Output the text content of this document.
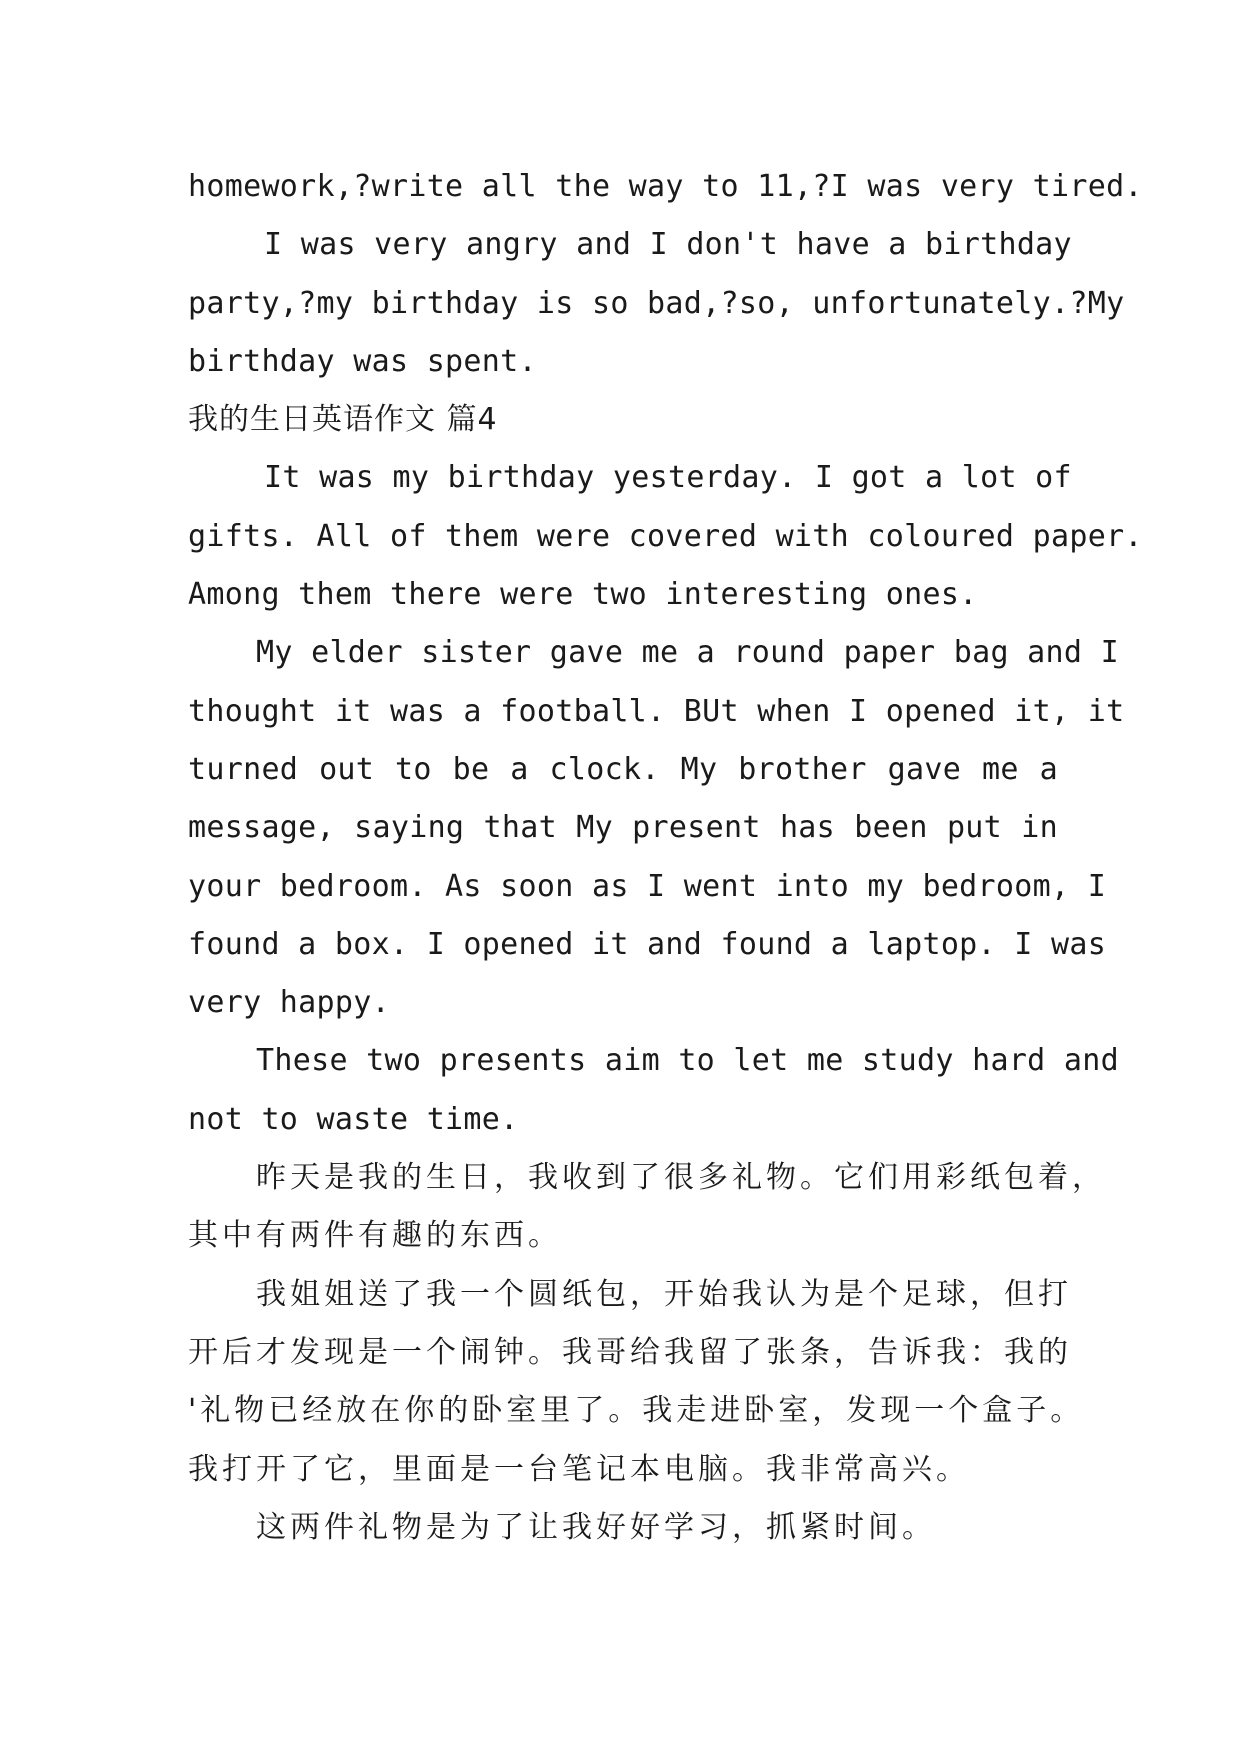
homework,?write all the way to 11,?I was very tired.
I was very angry and I don't have a birthday
party,?my birthday is so bad,?so, unfortunately.?My
birthday was spent.
我的生日英语作文 篇4
It was my birthday yesterday. I got a lot of
gifts. All of them were covered with coloured paper.
Among them there were two interesting ones.
My elder sister gave me a round paper bag and I
thought it was a football. BUt when I opened it, it
turned out to be a clock. My brother gave me a
message, saying that My present has been put in
your bedroom. As soon as I went into my bedroom, I
found a box. I opened it and found a laptop. I was
very happy.
These two presents aim to let me study hard and
not to waste time.
昨天是我的生日，我收到了很多礼物。它们用彩纸包着，
其中有两件有趣的东西。
我姐姐送了我一个圆纸包，开始我认为是个足球，但打
开后才发现是一个闹钟。我哥给我留了张条，告诉我：我的
'礼物已经放在你的卧室里了。我走进卧室，发现一个盒子。
我打开了它，里面是一台笔记本电脑。我非常高兴。
这两件礼物是为了让我好好学习，抓紧时间。
